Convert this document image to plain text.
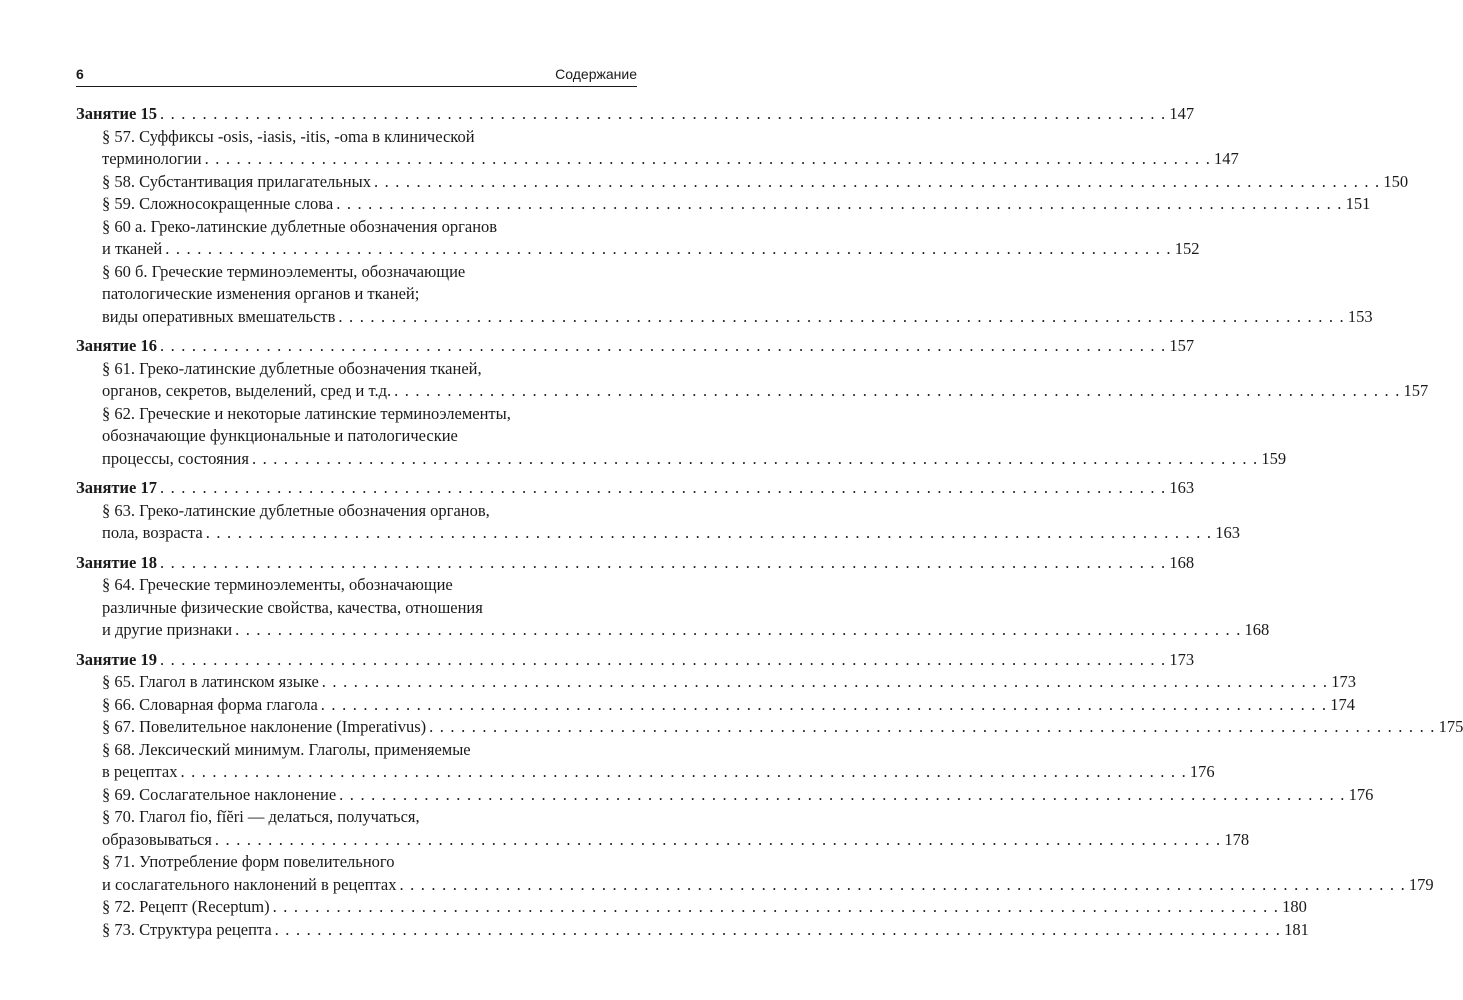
6	Содержание
Занятие 15 . . . . . . . . . . . . . . . . . . . . . . . . . . . . . . . . . . . . . . . . . . . . . . . . . . . . . . . . . . . . . . . . . . . . . . . . . . . . . . . . . . . . . . . . . . . . . . . 147
§ 57. Суффиксы -osis, -iasis, -itis, -oma в клинической
терминологии . . . . . . . . . . . . . . . . . . . . . . . . . . . . . . . . . . . . . . . . . . . . . . . . . . . . . . . . . . . . . . . . . . . . . . . . . . . . . . . . . . . . . . . . . . . . . . . 147
§ 58. Субстантивация прилагательных . . . . . . . . . . . . . . . . . . . . . . . . . . . . . . . . . . . . . . . . . . . . . . . . . . . . . . . . . . . . . . . . . . . . . . . . . . . . . . . . . . . . . . . . . . . . . . . 150
§ 59. Сложносокращенные слова . . . . . . . . . . . . . . . . . . . . . . . . . . . . . . . . . . . . . . . . . . . . . . . . . . . . . . . . . . . . . . . . . . . . . . . . . . . . . . . . . . . . . . . . . . . . . . . 151
§ 60 а. Греко-латинские дублетные обозначения органов
и тканей . . . . . . . . . . . . . . . . . . . . . . . . . . . . . . . . . . . . . . . . . . . . . . . . . . . . . . . . . . . . . . . . . . . . . . . . . . . . . . . . . . . . . . . . . . . . . . . 152
§ 60 б. Греческие терминоэлементы, обозначающие
патологические изменения органов и тканей;
виды оперативных вмешательств . . . . . . . . . . . . . . . . . . . . . . . . . . . . . . . . . . . . . . . . . . . . . . . . . . . . . . . . . . . . . . . . . . . . . . . . . . . . . . . . . . . . . . . . . . . . . . . 153
Занятие 16 . . . . . . . . . . . . . . . . . . . . . . . . . . . . . . . . . . . . . . . . . . . . . . . . . . . . . . . . . . . . . . . . . . . . . . . . . . . . . . . . . . . . . . . . . . . . . . . 157
§ 61. Греко-латинские дублетные обозначения тканей,
органов, секретов, выделений, сред и т.д. . . . . . . . . . . . . . . . . . . . . . . . . . . . . . . . . . . . . . . . . . . . . . . . . . . . . . . . . . . . . . . . . . . . . . . . . . . . . . . . . . . . . . . . . . . . . . . . 157
§ 62. Греческие и некоторые латинские терминоэлементы,
обозначающие функциональные и патологические
процессы, состояния . . . . . . . . . . . . . . . . . . . . . . . . . . . . . . . . . . . . . . . . . . . . . . . . . . . . . . . . . . . . . . . . . . . . . . . . . . . . . . . . . . . . . . . . . . . . . . . 159
Занятие 17 . . . . . . . . . . . . . . . . . . . . . . . . . . . . . . . . . . . . . . . . . . . . . . . . . . . . . . . . . . . . . . . . . . . . . . . . . . . . . . . . . . . . . . . . . . . . . . . 163
§ 63. Греко-латинские дублетные обозначения органов,
пола, возраста . . . . . . . . . . . . . . . . . . . . . . . . . . . . . . . . . . . . . . . . . . . . . . . . . . . . . . . . . . . . . . . . . . . . . . . . . . . . . . . . . . . . . . . . . . . . . . . 163
Занятие 18 . . . . . . . . . . . . . . . . . . . . . . . . . . . . . . . . . . . . . . . . . . . . . . . . . . . . . . . . . . . . . . . . . . . . . . . . . . . . . . . . . . . . . . . . . . . . . . . 168
§ 64. Греческие терминоэлементы, обозначающие
различные физические свойства, качества, отношения
и другие признаки . . . . . . . . . . . . . . . . . . . . . . . . . . . . . . . . . . . . . . . . . . . . . . . . . . . . . . . . . . . . . . . . . . . . . . . . . . . . . . . . . . . . . . . . . . . . . . . 168
Занятие 19 . . . . . . . . . . . . . . . . . . . . . . . . . . . . . . . . . . . . . . . . . . . . . . . . . . . . . . . . . . . . . . . . . . . . . . . . . . . . . . . . . . . . . . . . . . . . . . . 173
§ 65. Глагол в латинском языке . . . . . . . . . . . . . . . . . . . . . . . . . . . . . . . . . . . . . . . . . . . . . . . . . . . . . . . . . . . . . . . . . . . . . . . . . . . . . . . . . . . . . . . . . . . . . . . 173
§ 66. Словарная форма глагола . . . . . . . . . . . . . . . . . . . . . . . . . . . . . . . . . . . . . . . . . . . . . . . . . . . . . . . . . . . . . . . . . . . . . . . . . . . . . . . . . . . . . . . . . . . . . . . 174
§ 67. Повелительное наклонение (Imperativus) . . . . . . . . . . . . . . . . . . . . . . . . . . . . . . . . . . . . . . . . . . . . . . . . . . . . . . . . . . . . . . . . . . . . . . . . . . . . . . . . . . . . . . . . . . . . . . . 175
§ 68. Лексический минимум. Глаголы, применяемые
в рецептах . . . . . . . . . . . . . . . . . . . . . . . . . . . . . . . . . . . . . . . . . . . . . . . . . . . . . . . . . . . . . . . . . . . . . . . . . . . . . . . . . . . . . . . . . . . . . . . 176
§ 69. Сослагательное наклонение . . . . . . . . . . . . . . . . . . . . . . . . . . . . . . . . . . . . . . . . . . . . . . . . . . . . . . . . . . . . . . . . . . . . . . . . . . . . . . . . . . . . . . . . . . . . . . . 176
§ 70. Глагол fio, fĭĕri — делаться, получаться,
образовываться . . . . . . . . . . . . . . . . . . . . . . . . . . . . . . . . . . . . . . . . . . . . . . . . . . . . . . . . . . . . . . . . . . . . . . . . . . . . . . . . . . . . . . . . . . . . . . . 178
§ 71. Употребление форм повелительного
и сослагательного наклонений в рецептах . . . . . . . . . . . . . . . . . . . . . . . . . . . . . . . . . . . . . . . . . . . . . . . . . . . . . . . . . . . . . . . . . . . . . . . . . . . . . . . . . . . . . . . . . . . . . . . 179
§ 72. Рецепт (Receptum) . . . . . . . . . . . . . . . . . . . . . . . . . . . . . . . . . . . . . . . . . . . . . . . . . . . . . . . . . . . . . . . . . . . . . . . . . . . . . . . . . . . . . . . . . . . . . . . 180
§ 73. Структура рецепта . . . . . . . . . . . . . . . . . . . . . . . . . . . . . . . . . . . . . . . . . . . . . . . . . . . . . . . . . . . . . . . . . . . . . . . . . . . . . . . . . . . . . . . . . . . . . . . 181
